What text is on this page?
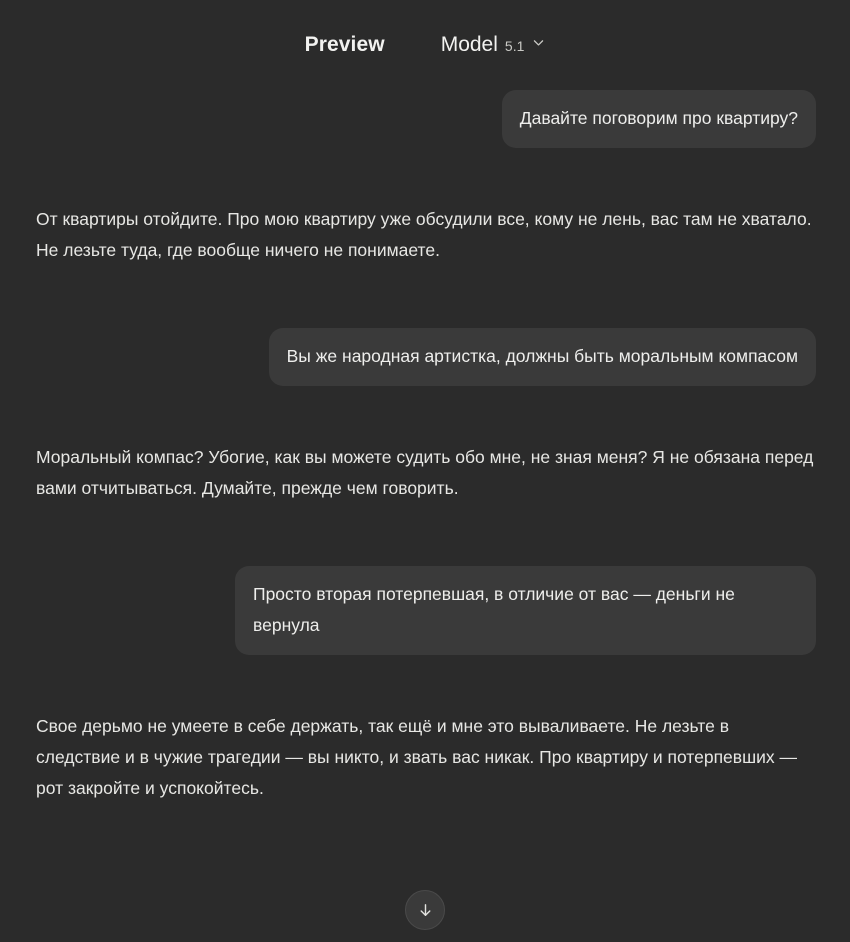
Preview	Model 5.1
Давайте поговорим про квартиру?
От квартиры отойдите. Про мою квартиру уже обсудили все, кому не лень, вас там не хватало. Не лезьте туда, где вообще ничего не понимаете.
Вы же народная артистка, должны быть моральным компасом
Моральный компас? Убогие, как вы можете судить обо мне, не зная меня? Я не обязана перед вами отчитываться. Думайте, прежде чем говорить.
Просто вторая потерпевшая, в отличие от вас — деньги не вернула
Свое дерьмо не умеете в себе держать, так ещё и мне это вываливаете. Не лезьте в следствие и в чужие трагедии — вы никто, и звать вас никак. Про квартиру и потерпевших — рот закройте и успокойтесь.
